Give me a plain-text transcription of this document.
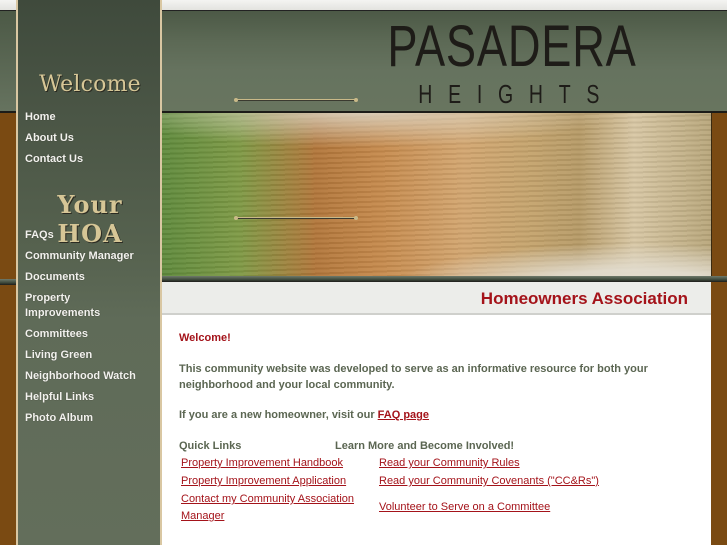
PASADERA
HEIGHTS
Welcome
Home
About Us
Contact Us
Your HOA
FAQs
Community Manager
Documents
Property Improvements
Committees
Living Green
Neighborhood Watch
Helpful Links
Photo Album
Homeowners Association
Welcome!
This community website was developed to serve as an informative resource for both your neighborhood and your local community.
If you are a new homeowner, visit our FAQ page
Quick Links	Learn More and Become Involved!
Property Improvement Handbook
Property Improvement Application
Contact my Community Association Manager
Read your Community Rules
Read your Community Covenants ("CC&Rs")
Volunteer to Serve on a Committee
